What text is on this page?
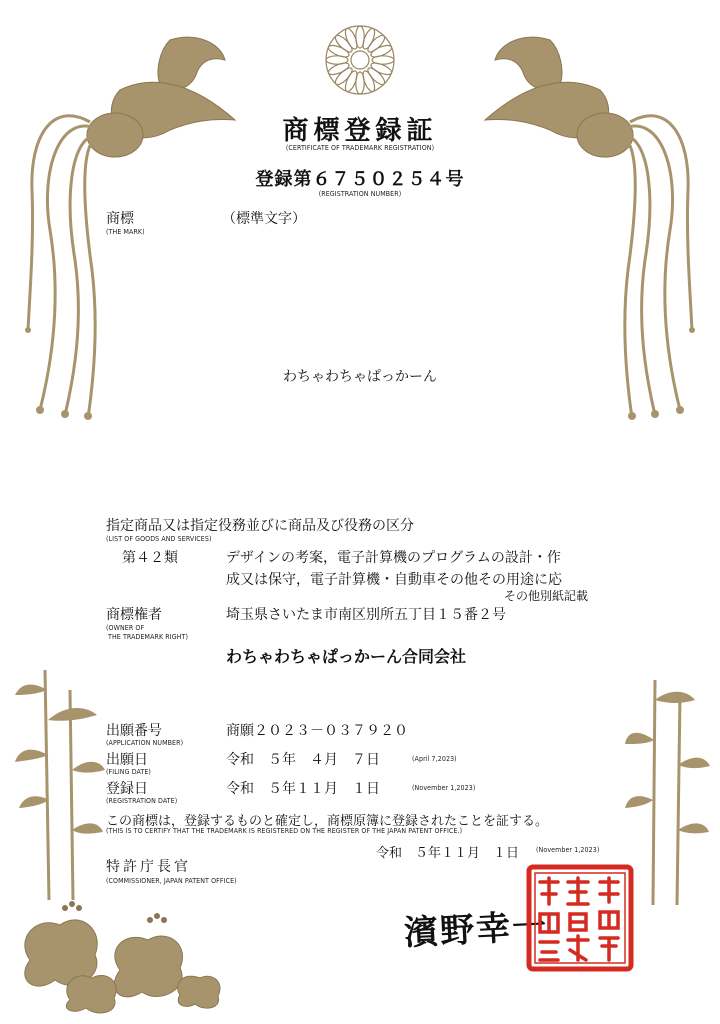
商標登録証
(CERTIFICATE OF TRADEMARK REGISTRATION)
登録第６７５０２５４号
(REGISTRATION NUMBER)
商標
(THE MARK)
（標準文字）
わちゃわちゃぱっかーん
指定商品又は指定役務並びに商品及び役務の区分
(LIST OF GOODS AND SERVICES)
第４２類	デザインの考案，電子計算機のプログラムの設計・作
成又は保守，電子計算機・自動車その他その用途に応
その他別紙記載
商標権者
(OWNER OF
THE TRADEMARK RIGHT)
埼玉県さいたま市南区別所五丁目１５番２号
わちゃわちゃぱっかーん合同会社
出願番号
(APPLICATION NUMBER)
商願２０２３－０３７９２０
出願日
(FILING DATE)
令和　５年　４月　７日	(April 7,2023)
登録日
(REGISTRATION DATE)
令和　５年１１月　１日	(November 1,2023)
この商標は，登録するものと確定し，商標原簿に登録されたことを証する。
(THIS IS TO CERTIFY THAT THE TRADEMARK IS REGISTERED ON THE REGISTER OF THE JAPAN PATENT OFFICE.)
令和　５年１１月　１日 (November 1,2023)
特許庁長官
(COMMISSIONER, JAPAN PATENT OFFICE)
濱野幸一
